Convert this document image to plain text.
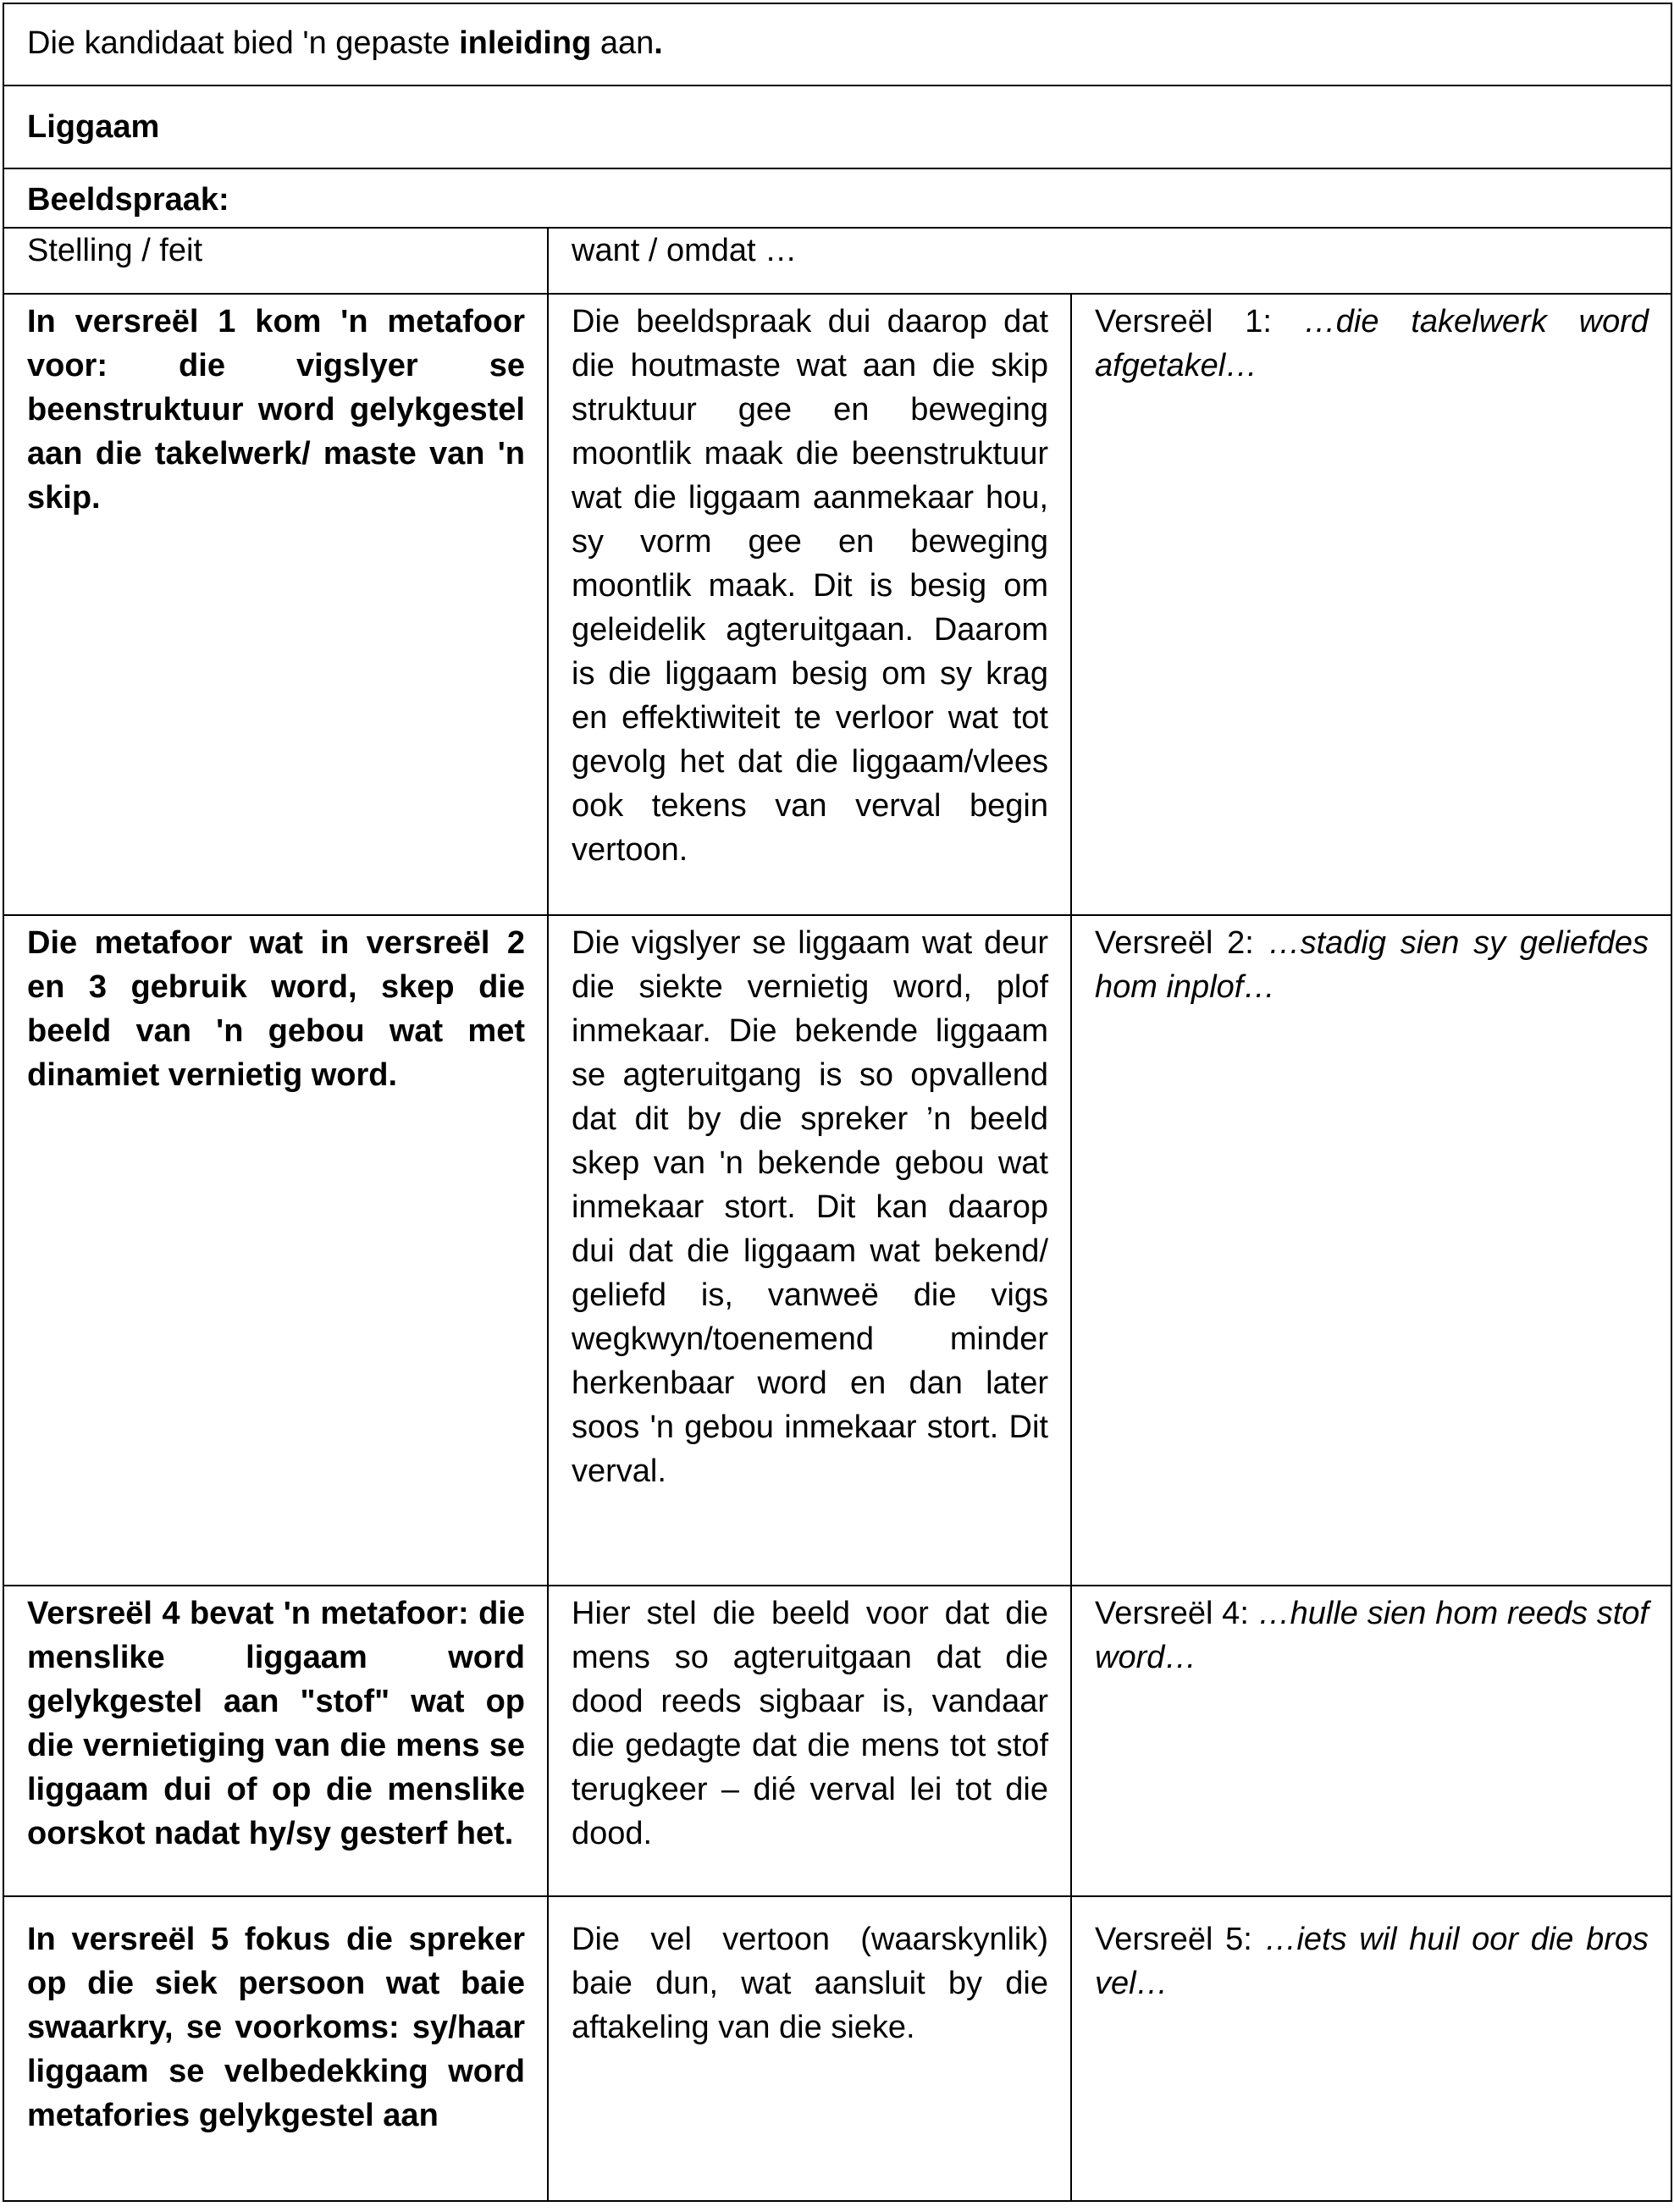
Die kandidaat bied 'n gepaste inleiding aan.		
Liggaam		
Beeldspraak:		
Stelling / feit	want / omdat …	
In versreël 1 kom 'n metafoor voor: die vigslyer se beenstruktuur word gelykgestel aan die takelwerk/ maste van 'n skip.	Die beeldspraak dui daarop dat die houtmaste wat aan die skip struktuur gee en beweging moontlik maak die beenstruktuur wat die liggaam aanmekaar hou, sy vorm gee en beweging moontlik maak. Dit is besig om geleidelik agteruitgaan. Daarom is die liggaam besig om sy krag en effektiwiteit te verloor wat tot gevolg het dat die liggaam/vlees ook tekens van verval begin vertoon.	Versreël 1: …die takelwerk word afgetakel…
Die metafoor wat in versreël 2 en 3 gebruik word, skep die beeld van 'n gebou wat met dinamiet vernietig word.	Die vigslyer se liggaam wat deur die siekte vernietig word, plof inmekaar. Die bekende liggaam se agteruitgang is so opvallend dat dit by die spreker ’n beeld skep van 'n bekende gebou wat inmekaar stort. Dit kan daarop dui dat die liggaam wat bekend/ geliefd is, vanweë die vigs wegkwyn/toenemend minder herkenbaar word en dan later soos 'n gebou inmekaar stort. Dit verval.	Versreël 2: …stadig sien sy geliefdes hom inplof…
Versreël 4 bevat 'n metafoor: die menslike liggaam word gelykgestel aan "stof" wat op die vernietiging van die mens se liggaam dui of op die menslike oorskot nadat hy/sy gesterf het.	Hier stel die beeld voor dat die mens so agteruitgaan dat die dood reeds sigbaar is, vandaar die gedagte dat die mens tot stof terugkeer – dié verval lei tot die dood.	Versreël 4: …hulle sien hom reeds stof word…
In versreël 5 fokus die spreker op die siek persoon wat baie swaarkry, se voorkoms: sy/haar liggaam se velbedekking word metafories gelykgestel aan	Die vel vertoon (waarskynlik) baie dun, wat aansluit by die aftakeling van die sieke.	Versreël 5: …iets wil huil oor die bros vel…
